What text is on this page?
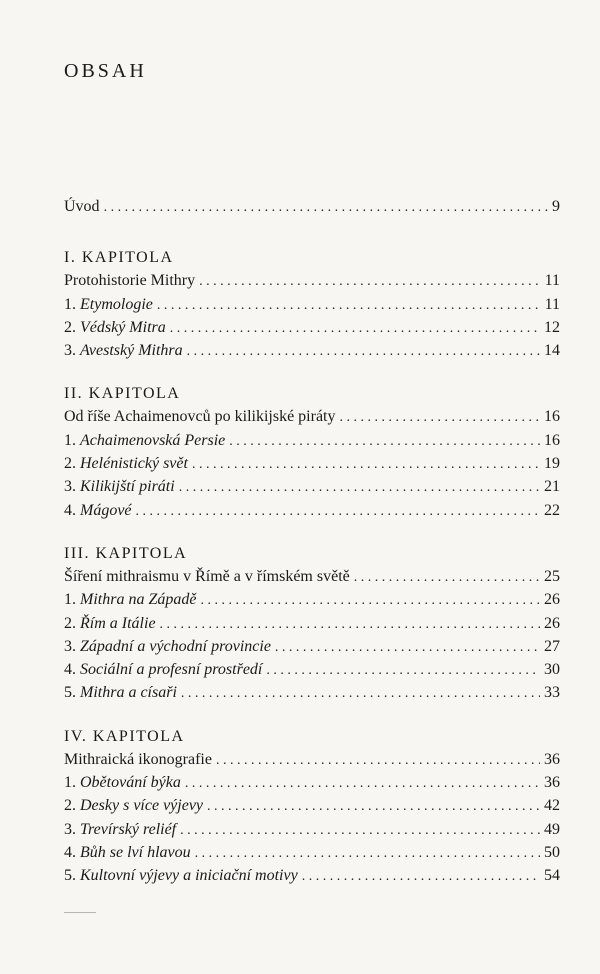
OBSAH
Úvod . . .	9
I. KAPITOLA
Protohistorie Mithry . . .	11
1. Etymologie . . .	11
2. Védský Mitra . . .	12
3. Avestský Mithra . . .	14
II. KAPITOLA
Od říše Achaimenovců po kilikijské piráty . . .	16
1. Achaimenovská Persie . . .	16
2. Helénistický svět . . .	19
3. Kilikijští piráti . . .	21
4. Mágové . . .	22
III. KAPITOLA
Šíření mithraismu v Římě a v římském světě . . .	25
1. Mithra na Západě . . .	26
2. Řím a Itálie . . .	26
3. Západní a východní provincie . . .	27
4. Sociální a profesní prostředí . . .	30
5. Mithra a císaři . . .	33
IV. KAPITOLA
Mithraická ikonografie . . .	36
1. Obětování býka . . .	36
2. Desky s více výjevy . . .	42
3. Trevírský reliéf . . .	49
4. Bůh se lví hlavou . . .	50
5. Kultovní výjevy a iniciační motivy . . .	54
